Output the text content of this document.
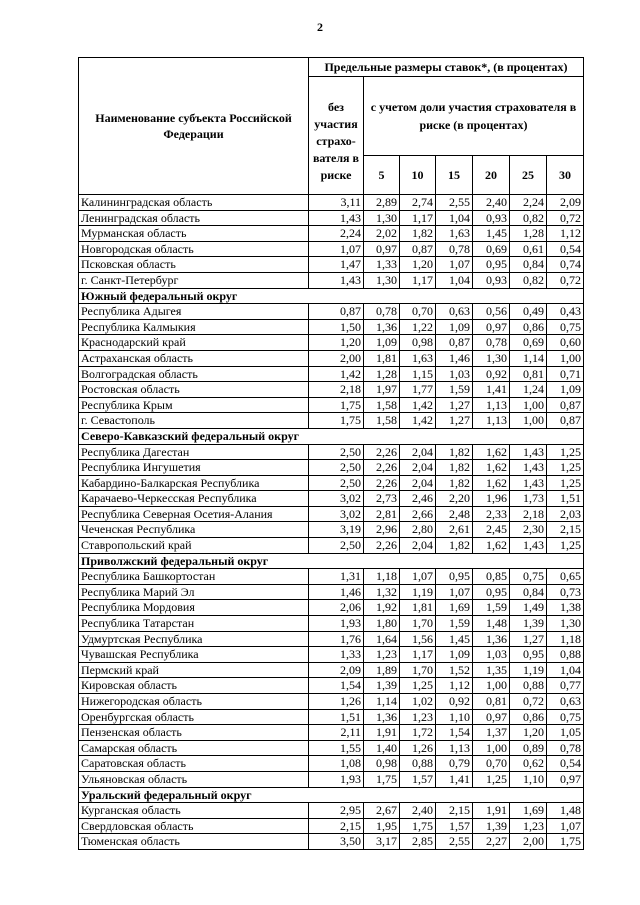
2
Наименование субъекта Российской Федерации	Предельные размеры ставок*, (в процентах)						
	без участия страхо-вателя в риске	с учетом доли участия страхователя в риске (в процентах)					
		5	10	15	20	25	30
Калининградская область	3,11	2,89	2,74	2,55	2,40	2,24	2,09
Ленинградская область	1,43	1,30	1,17	1,04	0,93	0,82	0,72
Мурманская область	2,24	2,02	1,82	1,63	1,45	1,28	1,12
Новгородская область	1,07	0,97	0,87	0,78	0,69	0,61	0,54
Псковская область	1,47	1,33	1,20	1,07	0,95	0,84	0,74
г. Санкт-Петербург	1,43	1,30	1,17	1,04	0,93	0,82	0,72
Южный федеральный округ							
Республика Адыгея	0,87	0,78	0,70	0,63	0,56	0,49	0,43
Республика Калмыкия	1,50	1,36	1,22	1,09	0,97	0,86	0,75
Краснодарский край	1,20	1,09	0,98	0,87	0,78	0,69	0,60
Астраханская область	2,00	1,81	1,63	1,46	1,30	1,14	1,00
Волгоградская область	1,42	1,28	1,15	1,03	0,92	0,81	0,71
Ростовская область	2,18	1,97	1,77	1,59	1,41	1,24	1,09
Республика Крым	1,75	1,58	1,42	1,27	1,13	1,00	0,87
г. Севастополь	1,75	1,58	1,42	1,27	1,13	1,00	0,87
Северо-Кавказский федеральный округ							
Республика Дагестан	2,50	2,26	2,04	1,82	1,62	1,43	1,25
Республика Ингушетия	2,50	2,26	2,04	1,82	1,62	1,43	1,25
Кабардино-Балкарская Республика	2,50	2,26	2,04	1,82	1,62	1,43	1,25
Карачаево-Черкесская Республика	3,02	2,73	2,46	2,20	1,96	1,73	1,51
Республика Северная Осетия-Алания	3,02	2,81	2,66	2,48	2,33	2,18	2,03
Чеченская Республика	3,19	2,96	2,80	2,61	2,45	2,30	2,15
Ставропольский край	2,50	2,26	2,04	1,82	1,62	1,43	1,25
Приволжский федеральный округ							
Республика Башкортостан	1,31	1,18	1,07	0,95	0,85	0,75	0,65
Республика Марий Эл	1,46	1,32	1,19	1,07	0,95	0,84	0,73
Республика Мордовия	2,06	1,92	1,81	1,69	1,59	1,49	1,38
Республика Татарстан	1,93	1,80	1,70	1,59	1,48	1,39	1,30
Удмуртская Республика	1,76	1,64	1,56	1,45	1,36	1,27	1,18
Чувашская Республика	1,33	1,23	1,17	1,09	1,03	0,95	0,88
Пермский край	2,09	1,89	1,70	1,52	1,35	1,19	1,04
Кировская область	1,54	1,39	1,25	1,12	1,00	0,88	0,77
Нижегородская область	1,26	1,14	1,02	0,92	0,81	0,72	0,63
Оренбургская область	1,51	1,36	1,23	1,10	0,97	0,86	0,75
Пензенская область	2,11	1,91	1,72	1,54	1,37	1,20	1,05
Самарская область	1,55	1,40	1,26	1,13	1,00	0,89	0,78
Саратовская область	1,08	0,98	0,88	0,79	0,70	0,62	0,54
Ульяновская область	1,93	1,75	1,57	1,41	1,25	1,10	0,97
Уральский федеральный округ							
Курганская область	2,95	2,67	2,40	2,15	1,91	1,69	1,48
Свердловская область	2,15	1,95	1,75	1,57	1,39	1,23	1,07
Тюменская область	3,50	3,17	2,85	2,55	2,27	2,00	1,75
